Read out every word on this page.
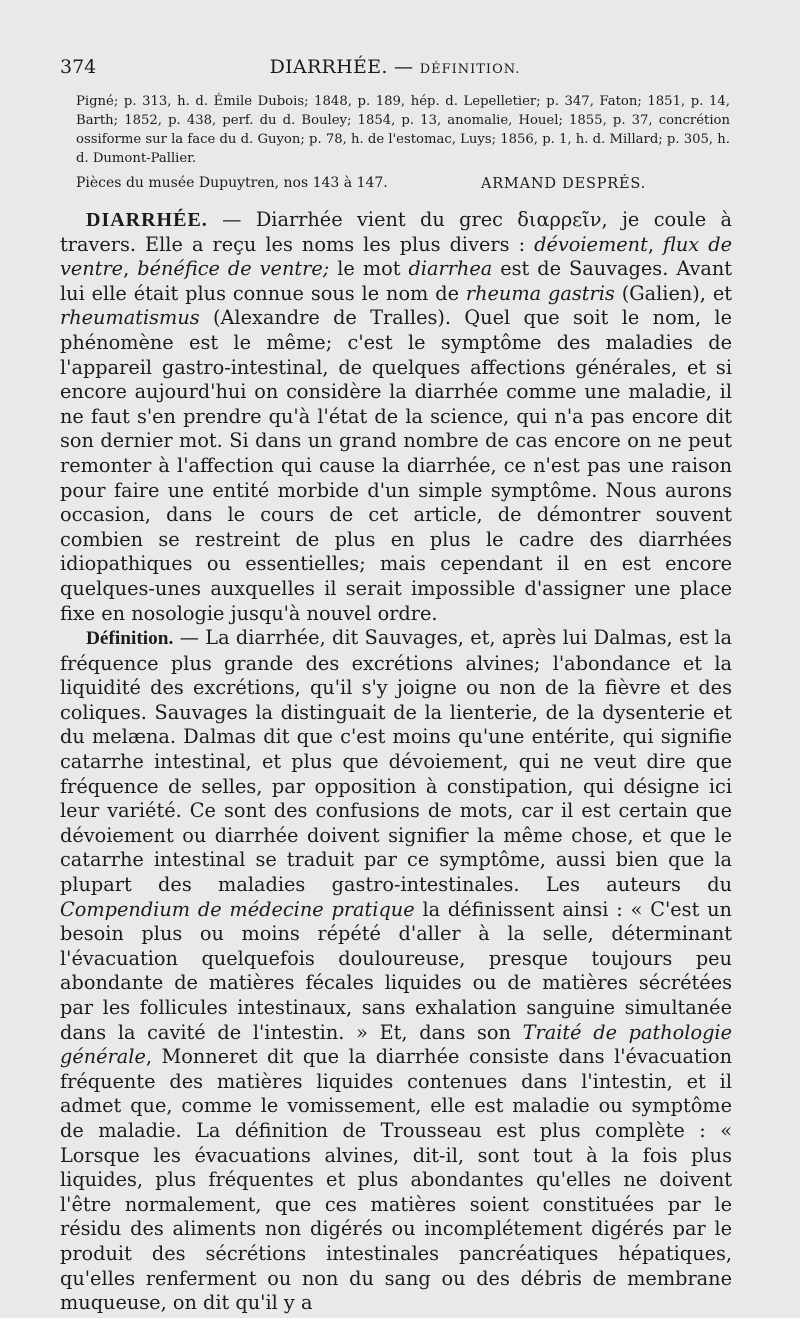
374	DIARRHÉE. — DÉFINITION.

Pigné; p. 313, h. d. Émile Dubois; 1848, p. 189, hép. d. Lepelletier; p. 347, Faton; 1851, p. 14, Barth; 1852, p. 438, perf. du d. Bouley; 1854, p. 13, anomalie, Houel; 1855, p. 37, concrétion ossiforme sur la face du d. Guyon; p. 78, h. de l'estomac, Luys; 1856, p. 1, h. d. Millard; p. 305, h. d. Dumont-Pallier.

Pièces du musée Dupuytren, nos 143 à 147.	ARMAND DESPRÉS.

DIARRHÉE. — Diarrhée vient du grec διαρρεῖν, je coule à travers. Elle a reçu les noms les plus divers : dévoiement, flux de ventre, bénéfice de ventre; le mot diarrhea est de Sauvages. Avant lui elle était plus connue sous le nom de rheuma gastris (Galien), et rheumatismus (Alexandre de Tralles). Quel que soit le nom, le phénomène est le même; c'est le symptôme des maladies de l'appareil gastro-intestinal, de quelques affections générales, et si encore aujourd'hui on considère la diarrhée comme une maladie, il ne faut s'en prendre qu'à l'état de la science, qui n'a pas encore dit son dernier mot. Si dans un grand nombre de cas encore on ne peut remonter à l'affection qui cause la diarrhée, ce n'est pas une raison pour faire une entité morbide d'un simple symptôme. Nous aurons occasion, dans le cours de cet article, de démontrer souvent combien se restreint de plus en plus le cadre des diarrhées idiopathiques ou essentielles; mais cependant il en est encore quelques-unes auxquelles il serait impossible d'assigner une place fixe en nosologie jusqu'à nouvel ordre.

Définition. — La diarrhée, dit Sauvages, et, après lui Dalmas, est la fréquence plus grande des excrétions alvines; l'abondance et la liquidité des excrétions, qu'il s'y joigne ou non de la fièvre et des coliques. Sauvages la distinguait de la lienterie, de la dysenterie et du melæna. Dalmas dit que c'est moins qu'une entérite, qui signifie catarrhe intestinal, et plus que dévoiement, qui ne veut dire que fréquence de selles, par opposition à constipation, qui désigne ici leur variété. Ce sont des confusions de mots, car il est certain que dévoiement ou diarrhée doivent signifier la même chose, et que le catarrhe intestinal se traduit par ce symptôme, aussi bien que la plupart des maladies gastro-intestinales. Les auteurs du Compendium de médecine pratique la définissent ainsi : « C'est un besoin plus ou moins répété d'aller à la selle, déterminant l'évacuation quelquefois douloureuse, presque toujours peu abondante de matières fécales liquides ou de matières sécrétées par les follicules intestinaux, sans exhalation sanguine simultanée dans la cavité de l'intestin. » Et, dans son Traité de pathologie générale, Monneret dit que la diarrhée consiste dans l'évacuation fréquente des matières liquides contenues dans l'intestin, et il admet que, comme le vomissement, elle est maladie ou symptôme de maladie. La définition de Trousseau est plus complète : « Lorsque les évacuations alvines, dit-il, sont tout à la fois plus liquides, plus fréquentes et plus abondantes qu'elles ne doivent l'être normalement, que ces matières soient constituées par le résidu des aliments non digérés ou incomplétement digérés par le produit des sécrétions intestinales pancréatiques hépatiques, qu'elles renferment ou non du sang ou des débris de membrane muqueuse, on dit qu'il y a
